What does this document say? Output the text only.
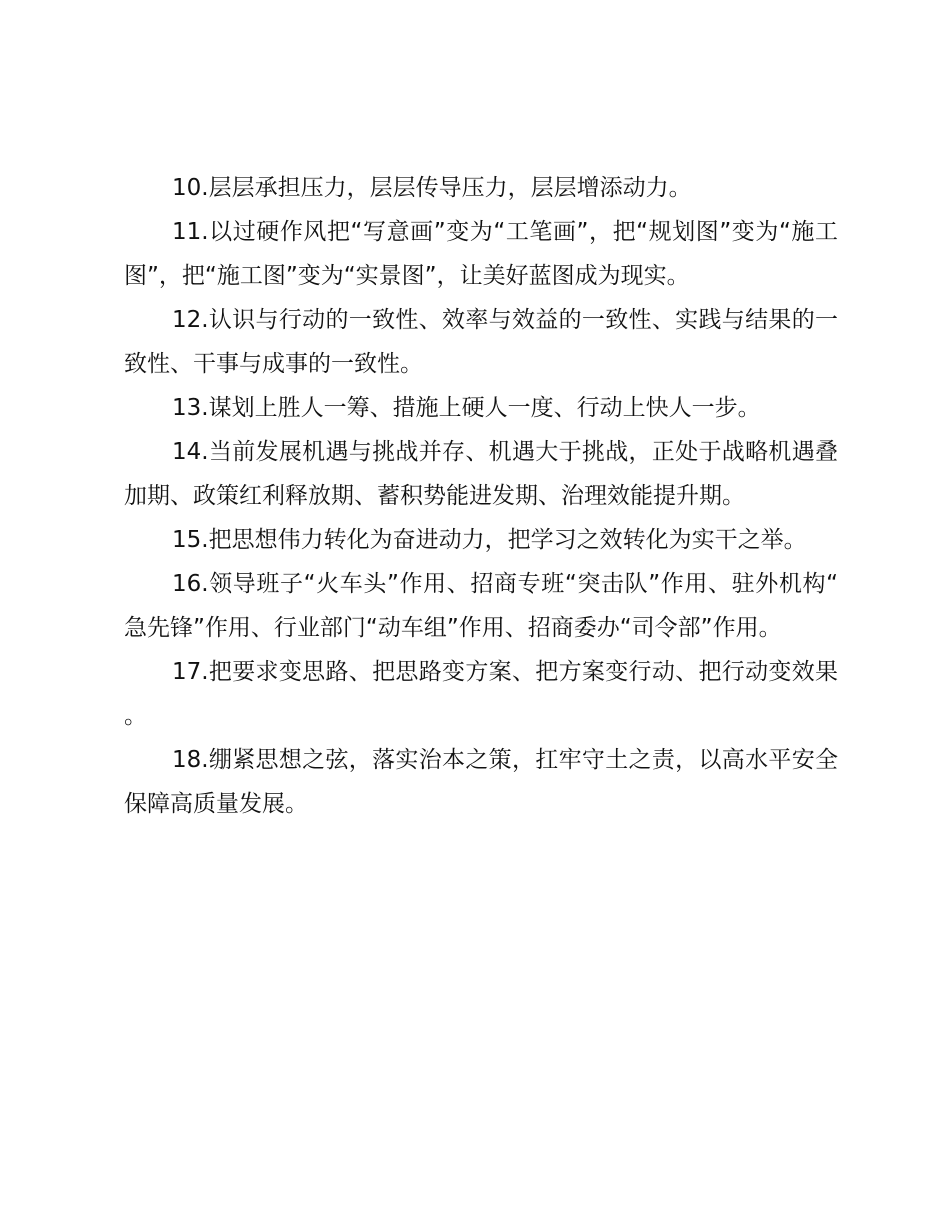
10.层层承担压力，层层传导压力，层层增添动力。

11.以过硬作风把“写意画”变为“工笔画”，把“规划图”变为“施工图”，把“施工图”变为“实景图”，让美好蓝图成为现实。

12.认识与行动的一致性、效率与效益的一致性、实践与结果的一致性、干事与成事的一致性。

13.谋划上胜人一筹、措施上硬人一度、行动上快人一步。

14.当前发展机遇与挑战并存、机遇大于挑战，正处于战略机遇叠加期、政策红利释放期、蓄积势能进发期、治理效能提升期。

15.把思想伟力转化为奋进动力，把学习之效转化为实干之举。

16.领导班子“火车头”作用、招商专班“突击队”作用、驻外机构“急先锋”作用、行业部门“动车组”作用、招商委办“司令部”作用。

17.把要求变思路、把思路变方案、把方案变行动、把行动变效果。

18.绷紧思想之弦，落实治本之策，扛牢守土之责，以高水平安全保障高质量发展。
